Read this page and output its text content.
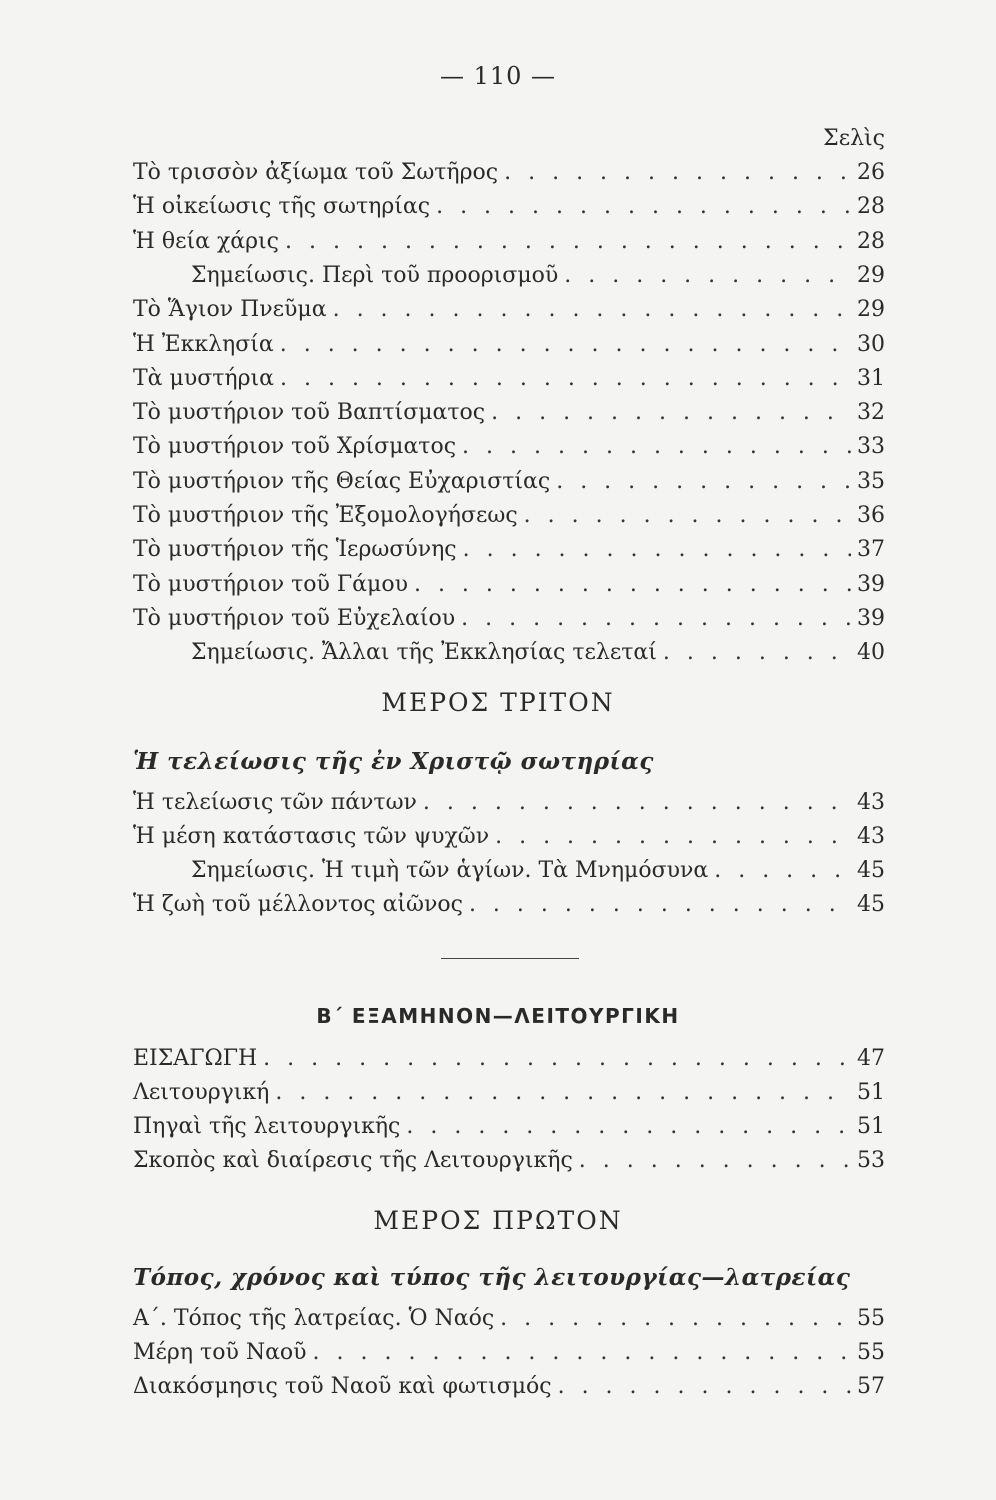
— 110 —
Σελὶς
Τὸ τρισσὸν ἀξίωμα τοῦ Σωτῆρος . . .	26
Ἡ οἰκείωσις τῆς σωτηρίας . . .	28
Ἡ θεία χάρις . . .	28
Σημείωσις. Περὶ τοῦ προορισμοῦ . . .	29
Τὸ Ἅγιον Πνεῦμα . . .	29
Ἡ Ἐκκλησία . . .	30
Τὰ μυστήρια . . .	31
Τὸ μυστήριον τοῦ Βαπτίσματος . . .	32
Τὸ μυστήριον τοῦ Χρίσματος . . .	33
Τὸ μυστήριον τῆς Θείας Εὐχαριστίας . . .	35
Τὸ μυστήριον τῆς Ἐξομολογήσεως . . .	36
Τὸ μυστήριον τῆς Ἱερωσύνης . . .	37
Τὸ μυστήριον τοῦ Γάμου . . .	39
Τὸ μυστήριον τοῦ Εὐχελαίου . . .	39
Σημείωσις. Ἄλλαι τῆς Ἐκκλησίας τελεταί . . .	40
ΜΕΡΟΣ ΤΡΙΤΟΝ
Ἡ τελείωσις τῆς ἐν Χριστῷ σωτηρίας
Ἡ τελείωσις τῶν πάντων . . .	43
Ἡ μέση κατάστασις τῶν ψυχῶν . . .	43
Σημείωσις. Ἡ τιμὴ τῶν ἁγίων. Τὰ Μνημόσυνα . . .	45
Ἡ ζωὴ τοῦ μέλλοντος αἰῶνος . . .	45
Β΄ ΕΞΑΜΗΝΟΝ—ΛΕΙΤΟΥΡΓΙΚΗ
ΕΙΣΑΓΩΓΗ . . .	47
Λειτουργική . . .	51
Πηγαὶ τῆς λειτουργικῆς . . .	51
Σκοπὸς καὶ διαίρεσις τῆς Λειτουργικῆς . . .	53
ΜΕΡΟΣ ΠΡΩΤΟΝ
Τόπος, χρόνος καὶ τύπος τῆς λειτουργίας—λατρείας
Α΄. Τόπος τῆς λατρείας. Ὁ Ναός . . .	55
Μέρη τοῦ Ναοῦ . . .	55
Διακόσμησις τοῦ Ναοῦ καὶ φωτισμός . . .	57
